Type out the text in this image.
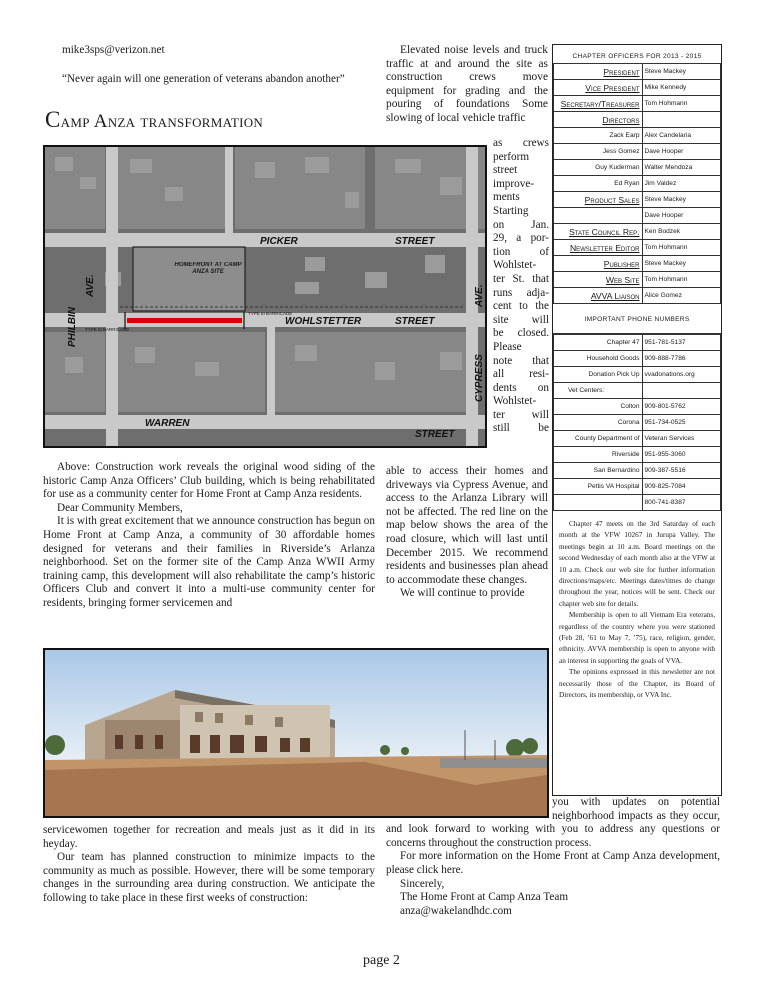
mike3sps@verizon.net
“Never again will one generation of veterans abandon another”
Camp Anza transformation
PICKER	STREET
WOHLSTETTER	STREET
WARREN
STREET
PHILBIN
AVE.
CYPRESS
AVE.
HOMEFRONT AT CAMP ANZA SITE
TYPE III BARRICADE
TYPE III BARRICADE

Above: Construction work reveals the original wood siding of the historic Camp Anza Officers’ Club building, which is being rehabilitated for use as a community center for Home Front at Camp Anza residents.

Dear Community Members,

It is with great excitement that we announce construction has begun on Home Front at Camp Anza, a community of 30 affordable homes designed for veterans and their families in Riverside’s Arlanza neighborhood. Set on the former site of the Camp Anza WWII Army training camp, this development will also rehabilitate the camp’s historic Officers Club and convert it into a multi-use community center for residents, bringing former servicemen and

Elevated noise levels and truck traffic at and around the site as construction crews move equipment for grading and the pouring of foundations Some slowing of local vehicle traffic

as crews
perform
street
improve-
ments
Starting
on Jan.
29, a por-
tion of
Wohlstet-
ter St. that
runs adja-
cent to the
site will
be closed.
Please
note that
all resi-
dents on
Wohlstet-
ter will
still be

able to access their homes and driveways via Cypress Avenue, and access to the Arlanza Library will not be affected. The red line on the map below shows the area of the road closure, which will last until December 2015. We recommend residents and businesses plan ahead to accommodate these changes.

We will continue to provide

servicewomen together for recreation and meals just as it did in its heyday.

Our team has planned construction to minimize impacts to the community as much as possible. However, there will be some temporary changes in the surrounding area during construction. We anticipate the following to take place in these first weeks of construction:

you with updates on potential neighborhood impacts as they occur, and look forward to working with you to address any questions or concerns throughout the construction process.

For more information on the Home Front at Camp Anza development, please click here.

Sincerely,

The Home Front at Camp Anza Team

anza@wakelandhdc.com

CHAPTER OFFICERS FOR 2013 - 2015
President	Steve Mackey
Vice President	Mike Kennedy
Secretary/Treasurer	Tom Hohmann
Directors	
Zack Earp	Alex Candelaria
Jess Gomez	Dave Hooper
Guy Kuderman	Walter Mendoza
Ed Ryan	Jim Valdez
Product Sales	Steve Mackey
	Dave Hooper
State Council Rep.	Ken Bodzek
Newsletter Editor	Tom Hohmann
Publisher	Steve Mackey
Web Site	Tom Hohmann
AVVA Liaison	Alice Gomez
IMPORTANT PHONE NUMBERS
Chapter 47	951-781-5137
Household Goods	909-888-7786
Donation Pick Up	vvadonations.org
Vet Centers:	
Colton	909-801-5762
Corona	951-734-0525
County Department of	Veteran Services
Riverside	951-955-3060
San Bernardino	909-387-5516
Pettis VA Hospital	909-825-7084
	800-741-8387

Chapter 47 meets on the 3rd Saturday of each month at the VFW 10267 in Jurupa Valley. The meetings begin at 10 a.m. Board meetings on the second Wednesday of each month also at the VFW at 10 a.m. Check our web site for further information directions/maps/etc. Meetings dates/times do change throughout the year, notices will be sent. Check our chapter web site for details.

Membership is open to all Vietnam Era veterans, regardless of the country where you were stationed (Feb 28, ’61 to May 7, ’75), race, religion, gender, ethnicity. AVVA membership is open to anyone with an interest in supporting the goals of VVA.

The opinions expressed in this newsletter are not necessarily those of the Chapter, its Board of Directors, its membership, or VVA Inc.

page 2
